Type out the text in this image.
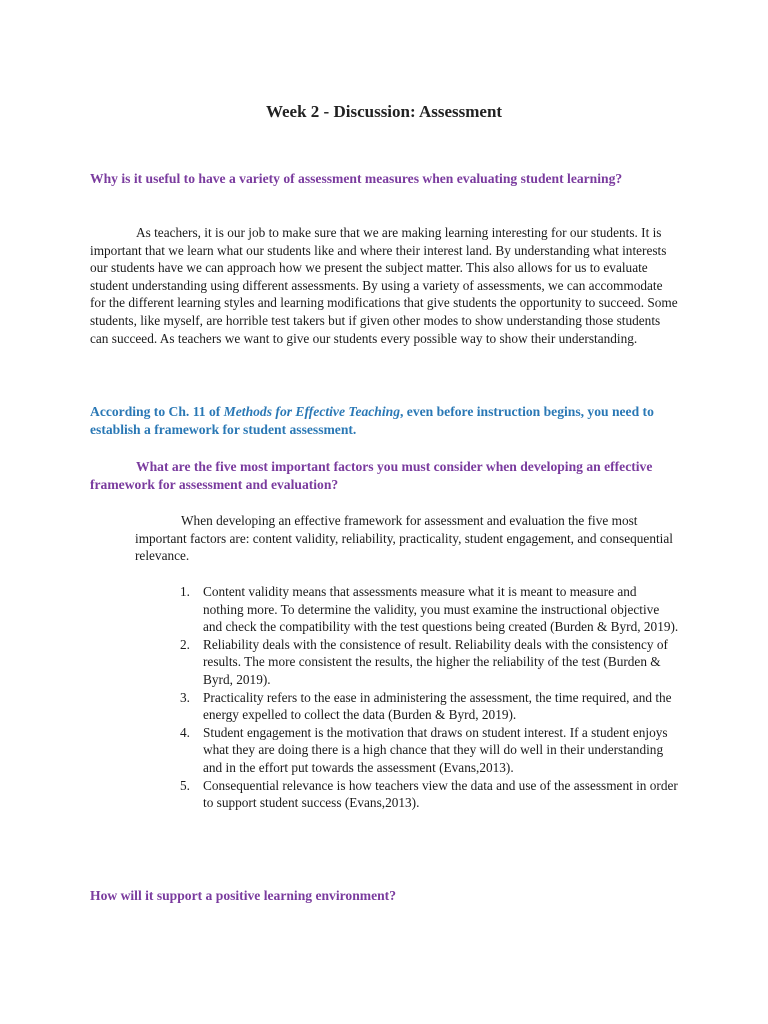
Week 2 - Discussion: Assessment
Why is it useful to have a variety of assessment measures when evaluating student learning?
As teachers, it is our job to make sure that we are making learning interesting for our students. It is important that we learn what our students like and where their interest land. By understanding what interests our students have we can approach how we present the subject matter. This also allows for us to evaluate student understanding using different assessments. By using a variety of assessments, we can accommodate for the different learning styles and learning modifications that give students the opportunity to succeed. Some students, like myself, are horrible test takers but if given other modes to show understanding those students can succeed. As teachers we want to give our students every possible way to show their understanding.
According to Ch. 11 of Methods for Effective Teaching, even before instruction begins, you need to establish a framework for student assessment.
What are the five most important factors you must consider when developing an effective framework for assessment and evaluation?
When developing an effective framework for assessment and evaluation the five most important factors are: content validity, reliability, practicality, student engagement, and consequential relevance.
1. Content validity means that assessments measure what it is meant to measure and nothing more. To determine the validity, you must examine the instructional objective and check the compatibility with the test questions being created (Burden & Byrd, 2019).
2. Reliability deals with the consistence of result. Reliability deals with the consistency of results. The more consistent the results, the higher the reliability of the test (Burden & Byrd, 2019).
3. Practicality refers to the ease in administering the assessment, the time required, and the energy expelled to collect the data (Burden & Byrd, 2019).
4. Student engagement is the motivation that draws on student interest. If a student enjoys what they are doing there is a high chance that they will do well in their understanding and in the effort put towards the assessment (Evans,2013).
5. Consequential relevance is how teachers view the data and use of the assessment in order to support student success (Evans,2013).
How will it support a positive learning environment?
